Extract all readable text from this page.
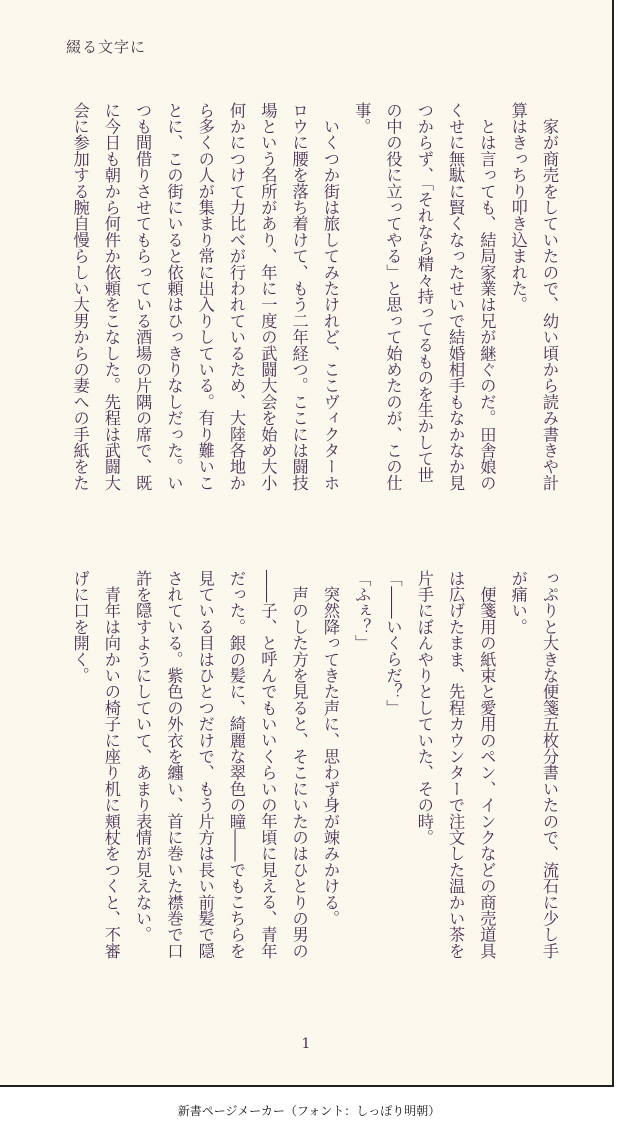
綴る文字に
　家が商売をしていたので、幼い頃から読み書きや計
算はきっちり叩き込まれた。
　とは言っても、結局家業は兄が継ぐのだ。田舎娘の
くせに無駄に賢くなったせいで結婚相手もなかなか見
つからず、「それなら精々持ってるものを生かして世
の中の役に立ってやる」と思って始めたのが、この仕
事。
　いくつか街は旅してみたけれど、ここヴィクターホ
ロウに腰を落ち着けて、もう二年経つ。ここには闘技
場という名所があり、年に一度の武闘大会を始め大小
何かにつけて力比べが行われているため、大陸各地か
ら多くの人が集まり常に出入りしている。有り難いこ
とに、この街にいると依頼はひっきりなしだった。い
つも間借りさせてもらっている酒場の片隅の席で、既
に今日も朝から何件か依頼をこなした。先程は武闘大
会に参加する腕自慢らしい大男からの妻への手紙をた
っぷりと大きな便箋五枚分書いたので、流石に少し手
が痛い。
　便箋用の紙束と愛用のペン、インクなどの商売道具
は広げたまま、先程カウンターで注文した温かい茶を
片手にぼんやりとしていた、その時。
「――いくらだ？」
「ふぇ？」
　突然降ってきた声に、思わず身が竦みかける。
　声のした方を見ると、そこにいたのはひとりの男の
――子、と呼んでもいいくらいの年頃に見える、青年
だった。銀の髪に、綺麗な翠色の瞳――でもこちらを
見ている目はひとつだけで、もう片方は長い前髪で隠
されている。紫色の外衣を纏い、首に巻いた襟巻で口
許を隠すようにしていて、あまり表情が見えない。
　青年は向かいの椅子に座り机に頬杖をつくと、不審
げに口を開く。
1
新書ページメーカー（フォント：しっぽり明朝）
